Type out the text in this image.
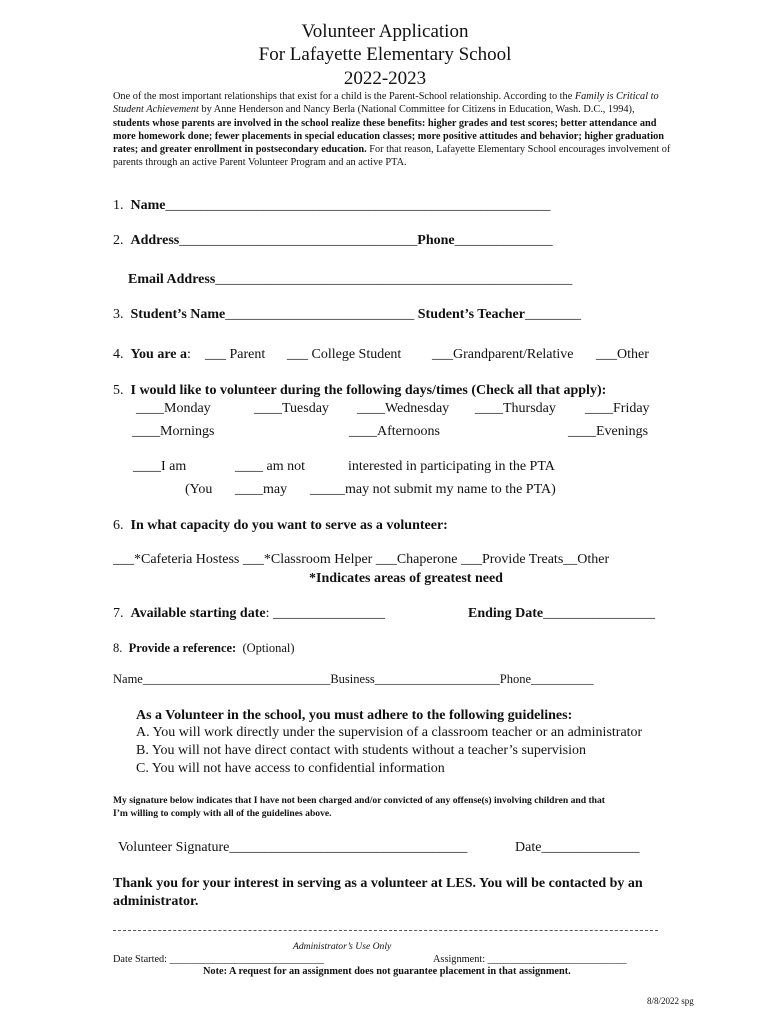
Volunteer Application
For Lafayette Elementary School
2022-2023
One of the most important relationships that exist for a child is the Parent-School relationship. According to the Family is Critical to Student Achievement by Anne Henderson and Nancy Berla (National Committee for Citizens in Education, Wash. D.C., 1994), students whose parents are involved in the school realize these benefits: higher grades and test scores; better attendance and more homework done; fewer placements in special education classes; more positive attitudes and behavior; higher graduation rates; and greater enrollment in postsecondary education. For that reason, Lafayette Elementary School encourages involvement of parents through an active Parent Volunteer Program and an active PTA.
1. Name_______________________________________________________
2. Address__________________________________Phone______________
Email Address___________________________________________________
3. Student’s Name___________________________ Student’s Teacher________
4. You are a: ___ Parent ___ College Student ___Grandparent/Relative ___Other
5. I would like to volunteer during the following days/times (Check all that apply):
____Monday	____Tuesday ____Wednesday ____Thursday ____Friday
____Mornings	____Afternoons	____Evenings
____I am	____ am not	interested in participating in the PTA
(You ____may _____may not submit my name to the PTA)
6. In what capacity do you want to serve as a volunteer:
___*Cafeteria Hostess ___*Classroom Helper ___Chaperone ___Provide Treats__Other
*Indicates areas of greatest need
7. Available starting date: ________________	Ending Date________________
8. Provide a reference: (Optional)
Name______________________________Business____________________Phone__________
As a Volunteer in the school, you must adhere to the following guidelines:
A. You will work directly under the supervision of a classroom teacher or an administrator
B. You will not have direct contact with students without a teacher’s supervision
C. You will not have access to confidential information
My signature below indicates that I have not been charged and/or convicted of any offense(s) involving children and that
I’m willing to comply with all of the guidelines above.
Volunteer Signature__________________________________	Date______________
Thank you for your interest in serving as a volunteer at LES. You will be contacted by an
administrator.
Administrator’s Use Only
Date Started: ______________________________	Assignment: ___________________________
Note: A request for an assignment does not guarantee placement in that assignment.
8/8/2022 spg
